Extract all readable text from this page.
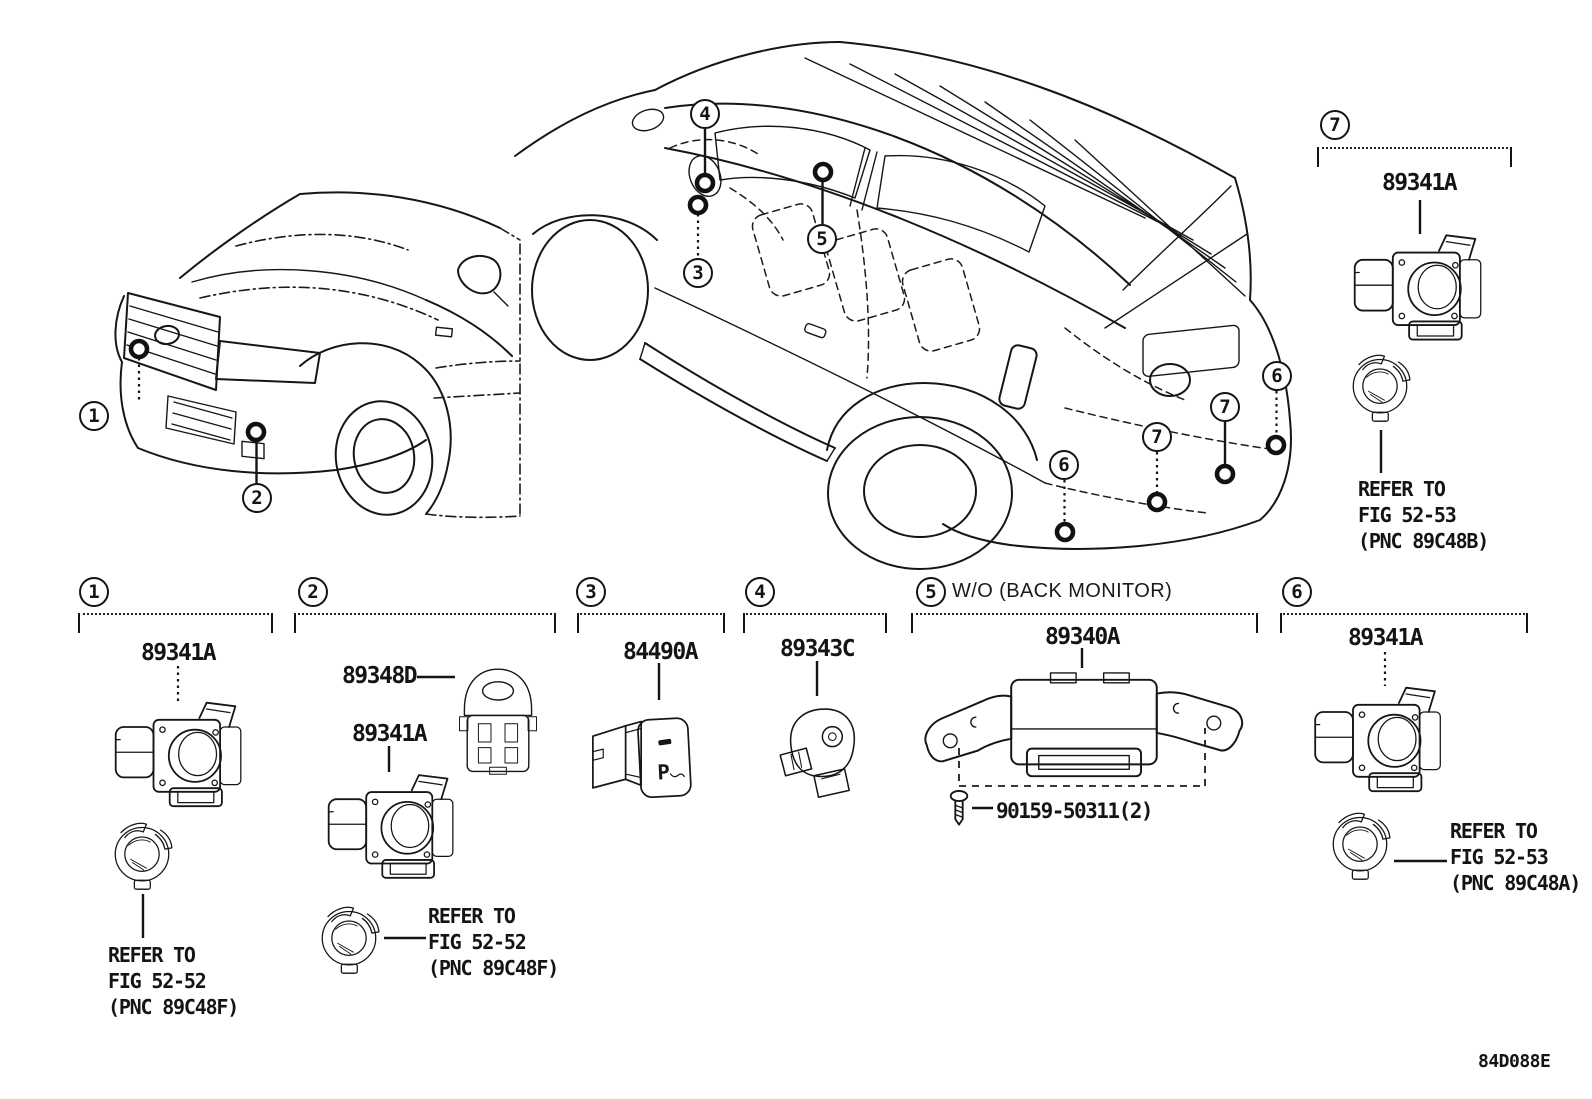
1
2
3
4
5
6
7
7
6
7
89341A
REFER TO
FIG 52-53
(PNC 89C48B)
1
89341A
REFER TO
FIG 52-52
(PNC 89C48F)
2
89348D
89341A
REFER TO
FIG 52-52
(PNC 89C48F)
3
84490A
4
89343C
5 W/O (BACK MONITOR)
89340A
90159-50311(2)
6
89341A
REFER TO
FIG 52-53
(PNC 89C48A)
84D088E
